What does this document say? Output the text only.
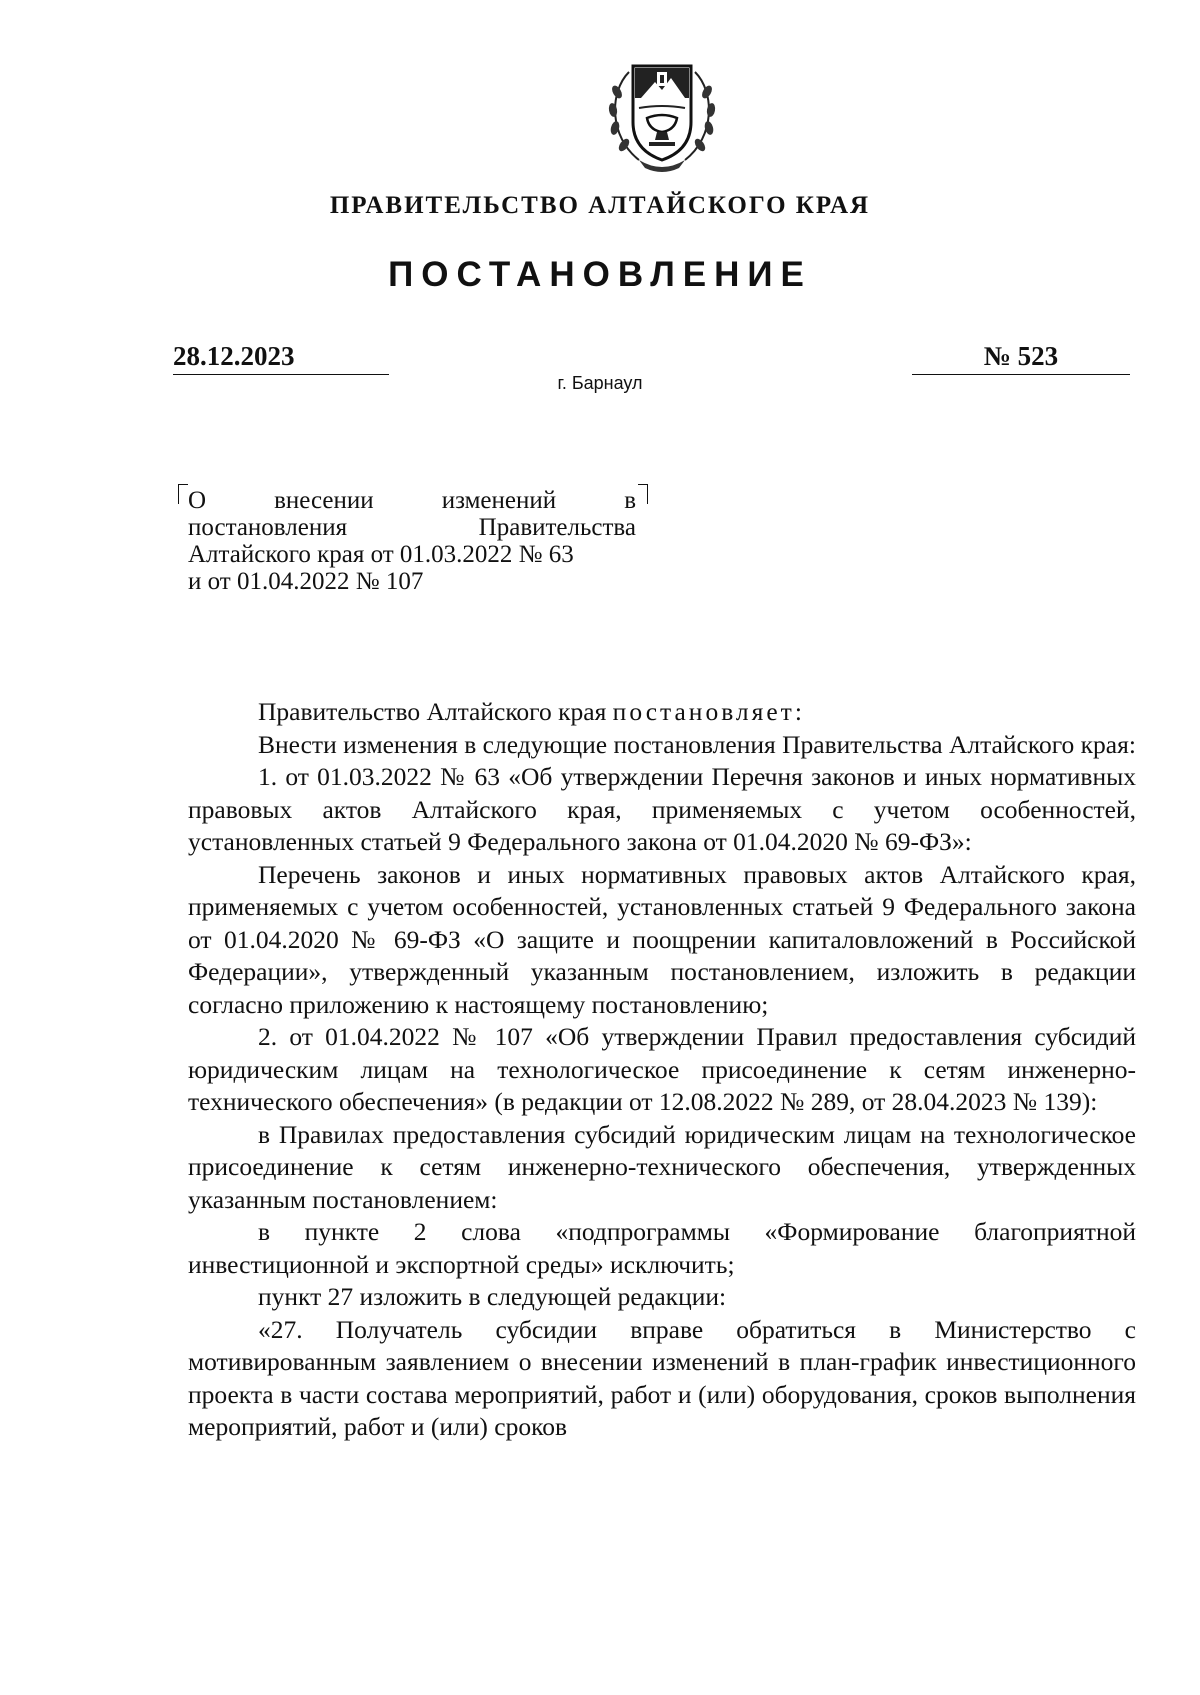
ПРАВИТЕЛЬСТВО АЛТАЙСКОГО КРАЯ
ПОСТАНОВЛЕНИЕ
28.12.2023	№ 523
г. Барнаул
О внесении изменений в
постановления Правительства
Алтайского края от 01.03.2022 № 63
и от 01.04.2022 № 107

Правительство Алтайского края постановляет:

Внести изменения в следующие постановления Правительства Алтайского края:

1. от 01.03.2022 № 63 «Об утверждении Перечня законов и иных нормативных правовых актов Алтайского края, применяемых с учетом особенностей, установленных статьей 9 Федерального закона от 01.04.2020 № 69-ФЗ»:

Перечень законов и иных нормативных правовых актов Алтайского края, применяемых с учетом особенностей, установленных статьей 9 Федерального закона от 01.04.2020 № 69-ФЗ «О защите и поощрении капиталовложений в Российской Федерации», утвержденный указанным постановлением, изложить в редакции согласно приложению к настоящему постановлению;

2. от 01.04.2022 № 107 «Об утверждении Правил предоставления субсидий юридическим лицам на технологическое присоединение к сетям инженерно-технического обеспечения» (в редакции от 12.08.2022 № 289, от 28.04.2023 № 139):

в Правилах предоставления субсидий юридическим лицам на технологическое присоединение к сетям инженерно-технического обеспечения, утвержденных указанным постановлением:

в пункте 2 слова «подпрограммы «Формирование благоприятной инвестиционной и экспортной среды» исключить;

пункт 27 изложить в следующей редакции:

«27. Получатель субсидии вправе обратиться в Министерство с мотивированным заявлением о внесении изменений в план-график инвестиционного проекта в части состава мероприятий, работ и (или) оборудования, сроков выполнения мероприятий, работ и (или) сроков
